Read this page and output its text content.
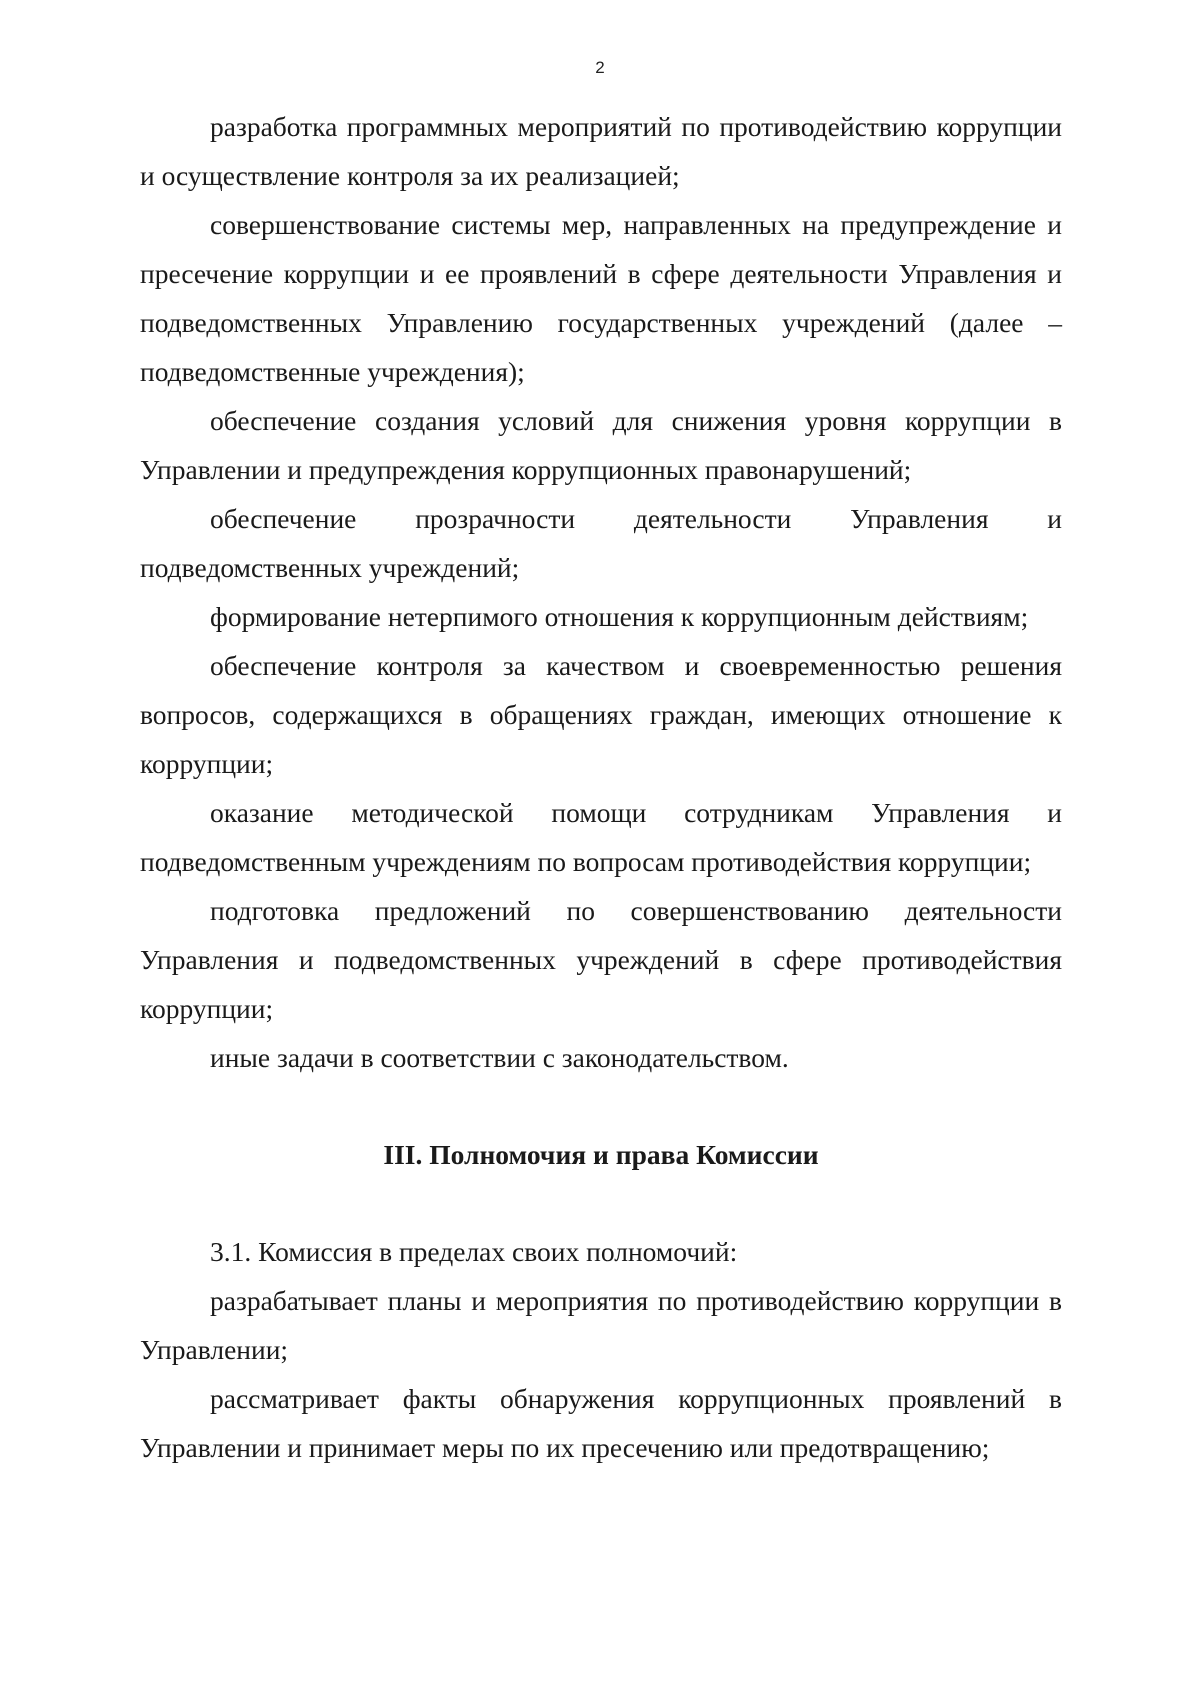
2

разработка программных мероприятий по противодействию коррупции и осуществление контроля за их реализацией;

совершенствование системы мер, направленных на предупреждение и пресечение коррупции и ее проявлений в сфере деятельности Управления и подведомственных Управлению государственных учреждений (далее – подведомственные учреждения);

обеспечение создания условий для снижения уровня коррупции в Управлении и предупреждения коррупционных правонарушений;

обеспечение прозрачности деятельности Управления и подведомственных учреждений;

формирование нетерпимого отношения к коррупционным действиям;

обеспечение контроля за качеством и своевременностью решения вопросов, содержащихся в обращениях граждан, имеющих отношение к коррупции;

оказание методической помощи сотрудникам Управления и подведомственным учреждениям по вопросам противодействия коррупции;

подготовка предложений по совершенствованию деятельности Управления и подведомственных учреждений в сфере противодействия коррупции;

иные задачи в соответствии с законодательством.

III. Полномочия и права Комиссии

3.1. Комиссия в пределах своих полномочий:

разрабатывает планы и мероприятия по противодействию коррупции в Управлении;

рассматривает факты обнаружения коррупционных проявлений в Управлении и принимает меры по их пресечению или предотвращению;
